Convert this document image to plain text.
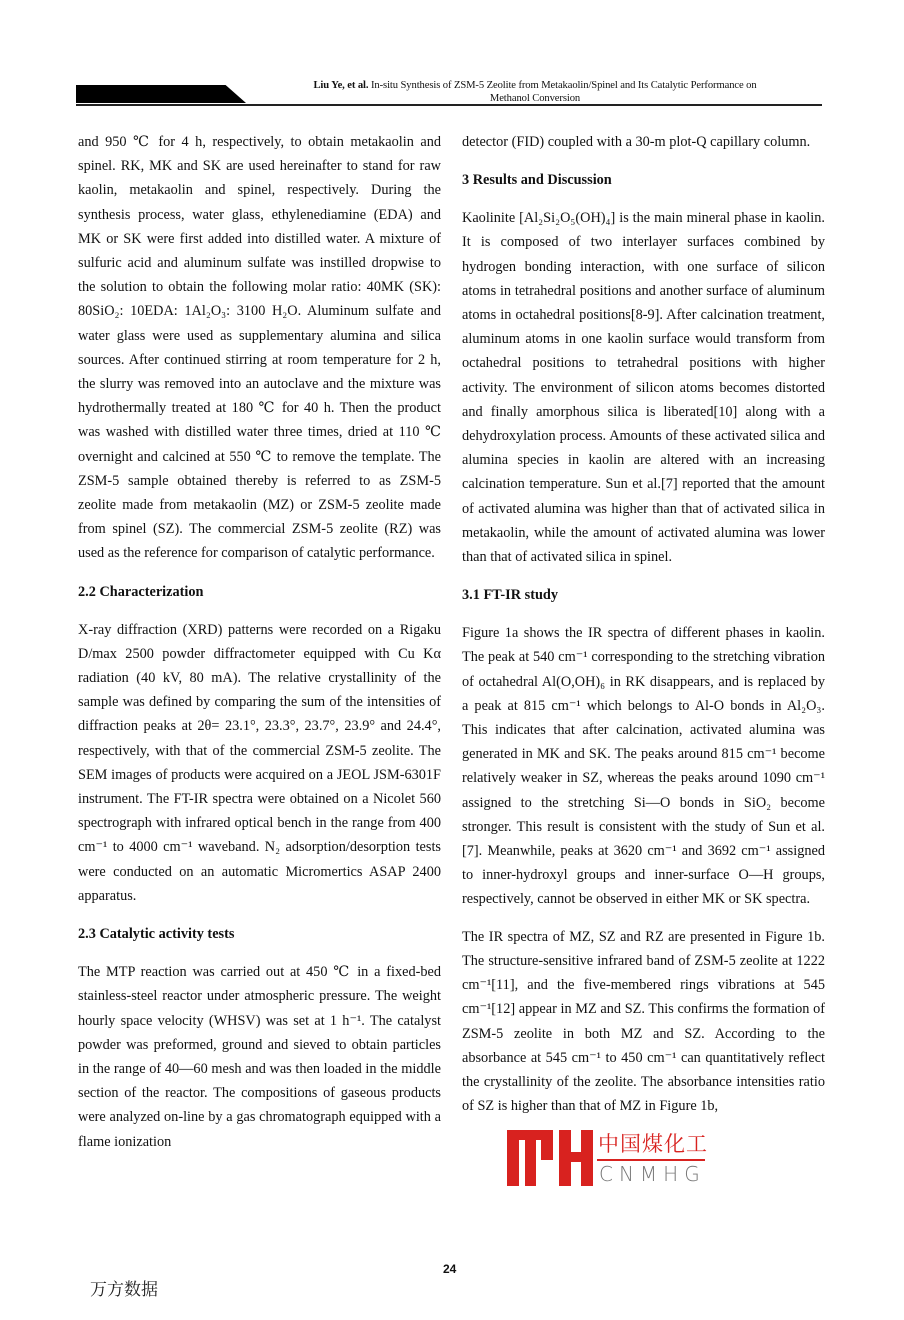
Liu Ye, et al. In-situ Synthesis of ZSM-5 Zeolite from Metakaolin/Spinel and Its Catalytic Performance on
Methanol Conversion

and 950 ℃ for 4 h, respectively, to obtain metakaolin and spinel. RK, MK and SK are used hereinafter to stand for raw kaolin, metakaolin and spinel, respectively. During the synthesis process, water glass, ethylenediamine (EDA) and MK or SK were first added into distilled water. A mixture of sulfuric acid and aluminum sulfate was instilled dropwise to the solution to obtain the following molar ratio: 40MK (SK): 80SiO₂: 10EDA: 1Al₂O₃: 3100 H₂O. Aluminum sulfate and water glass were used as supplementary alumina and silica sources. After continued stirring at room temperature for 2 h, the slurry was removed into an autoclave and the mixture was hydrothermally treated at 180 ℃ for 40 h. Then the product was washed with distilled water three times, dried at 110 ℃ overnight and calcined at 550 ℃ to remove the template. The ZSM-5 sample obtained thereby is referred to as ZSM-5 zeolite made from metakaolin (MZ) or ZSM-5 zeolite made from spinel (SZ). The commercial ZSM-5 zeolite (RZ) was used as the reference for comparison of catalytic performance.

2.2 Characterization

X-ray diffraction (XRD) patterns were recorded on a Rigaku D/max 2500 powder diffractometer equipped with Cu Kα radiation (40 kV, 80 mA). The relative crystallinity of the sample was defined by comparing the sum of the intensities of diffraction peaks at 2θ= 23.1°, 23.3°, 23.7°, 23.9° and 24.4°, respectively, with that of the commercial ZSM-5 zeolite. The SEM images of products were acquired on a JEOL JSM-6301F instrument. The FT-IR spectra were obtained on a Nicolet 560 spectrograph with infrared optical bench in the range from 400 cm⁻¹ to 4000 cm⁻¹ waveband. N₂ adsorption/desorption tests were conducted on an automatic Micromertics ASAP 2400 apparatus.

2.3 Catalytic activity tests

The MTP reaction was carried out at 450 ℃ in a fixed-bed stainless-steel reactor under atmospheric pressure. The weight hourly space velocity (WHSV) was set at 1 h⁻¹. The catalyst powder was preformed, ground and sieved to obtain particles in the range of 40—60 mesh and was then loaded in the middle section of the reactor. The compositions of gaseous products were analyzed on-line by a gas chromatograph equipped with a flame ionization

detector (FID) coupled with a 30-m plot-Q capillary column.

3 Results and Discussion

Kaolinite [Al₂Si₂O₅(OH)₄] is the main mineral phase in kaolin. It is composed of two interlayer surfaces combined by hydrogen bonding interaction, with one surface of silicon atoms in tetrahedral positions and another surface of aluminum atoms in octahedral positions[8-9]. After calcination treatment, aluminum atoms in one kaolin surface would transform from octahedral positions to tetrahedral positions with higher activity. The environment of silicon atoms becomes distorted and finally amorphous silica is liberated[10] along with a dehydroxylation process. Amounts of these activated silica and alumina species in kaolin are altered with an increasing calcination temperature. Sun et al.[7] reported that the amount of activated alumina was higher than that of activated silica in metakaolin, while the amount of activated alumina was lower than that of activated silica in spinel.

3.1 FT-IR study

Figure 1a shows the IR spectra of different phases in kaolin. The peak at 540 cm⁻¹ corresponding to the stretching vibration of octahedral Al(O,OH)₆ in RK disappears, and is replaced by a peak at 815 cm⁻¹ which belongs to Al-O bonds in Al₂O₃. This indicates that after calcination, activated alumina was generated in MK and SK. The peaks around 815 cm⁻¹ become relatively weaker in SZ, whereas the peaks around 1090 cm⁻¹ assigned to the stretching Si—O bonds in SiO₂ become stronger. This result is consistent with the study of Sun et al.[7]. Meanwhile, peaks at 3620 cm⁻¹ and 3692 cm⁻¹ assigned to inner-hydroxyl groups and inner-surface O—H groups, respectively, cannot be observed in either MK or SK spectra.

The IR spectra of MZ, SZ and RZ are presented in Figure 1b. The structure-sensitive infrared band of ZSM-5 zeolite at 1222 cm⁻¹[11], and the five-membered rings vibrations at 545 cm⁻¹[12] appear in MZ and SZ. This confirms the formation of ZSM-5 zeolite in both MZ and SZ. According to the absorbance at 545 cm⁻¹ to 450 cm⁻¹ can quantitatively reflect the crystallinity of the zeolite. The absorbance intensities ratio of SZ is higher than that of MZ in Figure 1b,

中国煤化工
CNMHG
24
万方数据
